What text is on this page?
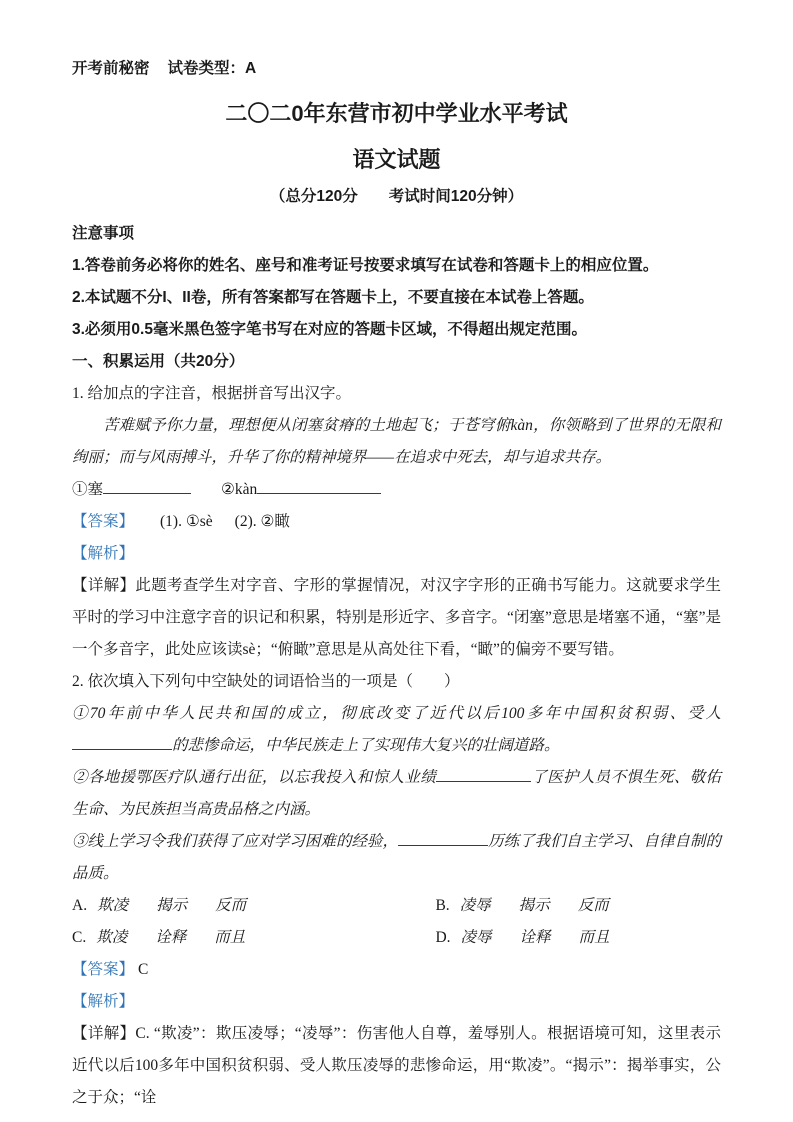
开考前秘密 试卷类型：A
二〇二0年东营市初中学业水平考试
语文试题
（总分120分　　考试时间120分钟）
注意事项
1.答卷前务必将你的姓名、座号和准考证号按要求填写在试卷和答题卡上的相应位置。
2.本试题不分I、II卷，所有答案都写在答题卡上，不要直接在本试卷上答题。
3.必须用0.5毫米黑色签字笔书写在对应的答题卡区域，不得超出规定范围。
一、积累运用（共20分）
1. 给加点的字注音，根据拼音写出汉字。
苦难赋予你力量，理想便从闭塞 •贫瘠的土地起飞；于苍穹俯kàn，你领略到了世界的无限和绚丽；而与风雨搏斗，升华了你的精神境界——在追求中死去，却与追求共存。
①塞	②kàn
【答案】 (1). ①sè (2). ②瞰
【解析】
【详解】此题考查学生对字音、字形的掌握情况，对汉字字形的正确书写能力。这就要求学生平时的学习中注意字音的识记和积累，特别是形近字、多音字。“闭塞”意思是堵塞不通，“塞”是一个多音字，此处应该读sè；“俯瞰”意思是从高处往下看，“瞰”的偏旁不要写错。
2. 依次填入下列句中空缺处的词语恰当的一项是（　　）
①70年前中华人民共和国的成立，彻底改变了近代以后100多年中国积贫积弱、受人的悲惨命运，中华民族走上了实现伟大复兴的壮阔道路。
②各地援鄂医疗队通行出征，以忘我投入和惊人业绩	了医护人员不惧生死、敬佑生命、为民族担当高贵品格之内涵。
③线上学习令我们获得了应对学习困难的经验，	历练了我们自主学习、自律自制的品质。
A. 欺凌 揭示 反而	B. 凌辱 揭示 反而
C. 欺凌 诠释 而且	D. 凌辱 诠释 而且
【答案】 C
【解析】
【详解】C. “欺凌”：欺压凌辱；“凌辱”：伤害他人自尊，羞辱别人。根据语境可知，这里表示近代以后100多年中国积贫积弱、受人欺压凌辱的悲惨命运，用“欺凌”。“揭示”：揭举事实，公之于众；“诠
